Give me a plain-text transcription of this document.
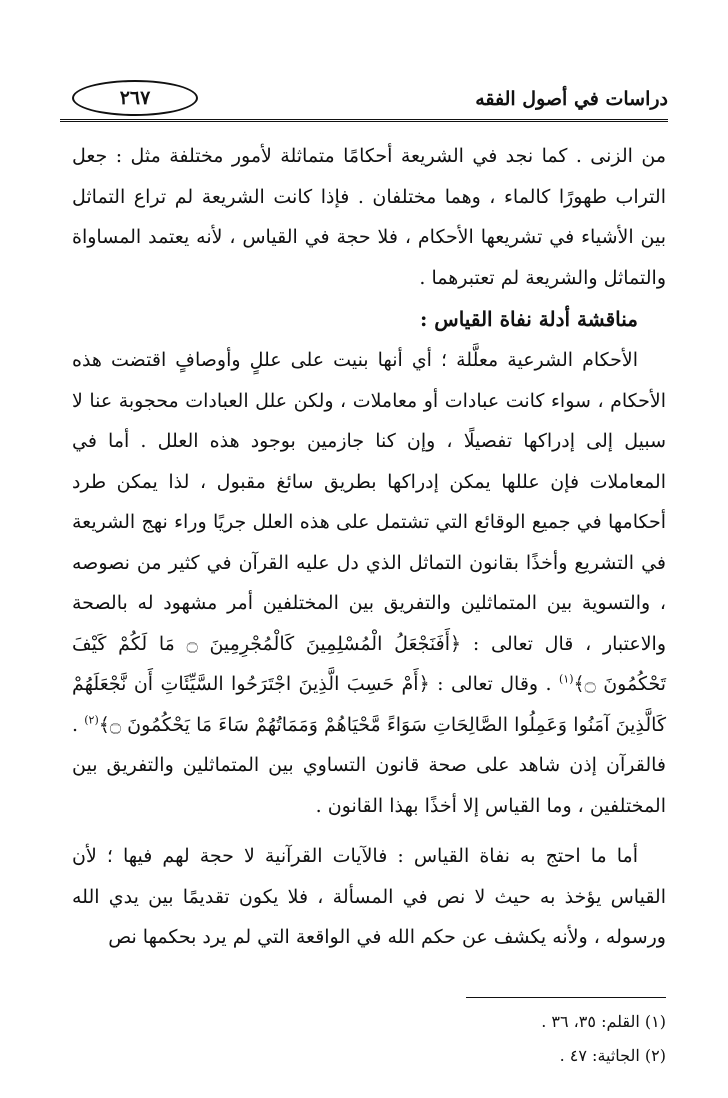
دراسات في أصول الفقه
٢٦٧

من الزنى . كما نجد في الشريعة أحكامًا متماثلة لأمور مختلفة مثل : جعل التراب طهورًا كالماء ، وهما مختلفان . فإذا كانت الشريعة لم تراع التماثل بين الأشياء في تشريعها الأحكام ، فلا حجة في القياس ، لأنه يعتمد المساواة والتماثل والشريعة لم تعتبرهما .

مناقشة أدلة نفاة القياس :

الأحكام الشرعية معلَّلة ؛ أي أنها بنيت على عللٍ وأوصافٍ اقتضت هذه الأحكام ، سواء كانت عبادات أو معاملات ، ولكن علل العبادات محجوبة عنا لا سبيل إلى إدراكها تفصيلًا ، وإن كنا جازمين بوجود هذه العلل . أما في المعاملات فإن عللها يمكن إدراكها بطريق سائغ مقبول ، لذا يمكن طرد أحكامها في جميع الوقائع التي تشتمل على هذه العلل جريًا وراء نهج الشريعة في التشريع وأخذًا بقانون التماثل الذي دل عليه القرآن في كثير من نصوصه ، والتسوية بين المتماثلين والتفريق بين المختلفين أمر مشهود له بالصحة والاعتبار ، قال تعالى : ﴿أَفَنَجْعَلُ الْمُسْلِمِينَ كَالْمُجْرِمِينَ ۝ مَا لَكُمْ كَيْفَ تَحْكُمُونَ ۝﴾$^{(١)}$ . وقال تعالى : ﴿أَمْ حَسِبَ الَّذِينَ اجْتَرَحُوا السَّيِّئَاتِ أَن نَّجْعَلَهُمْ كَالَّذِينَ آمَنُوا وَعَمِلُوا الصَّالِحَاتِ سَوَاءً مَّحْيَاهُمْ وَمَمَاتُهُمْ سَاءَ مَا يَحْكُمُونَ ۝﴾$^{(٢)}$ . فالقرآن إذن شاهد على صحة قانون التساوي بين المتماثلين والتفريق بين المختلفين ، وما القياس إلا أخذًا بهذا القانون .

أما ما احتج به نفاة القياس : فالآيات القرآنية لا حجة لهم فيها ؛ لأن القياس يؤخذ به حيث لا نص في المسألة ، فلا يكون تقديمًا بين يدي الله ورسوله ، ولأنه يكشف عن حكم الله في الواقعة التي لم يرد بحكمها نص

(١) القلم: ٣٥، ٣٦ .
(٢) الجاثية: ٤٧ .
